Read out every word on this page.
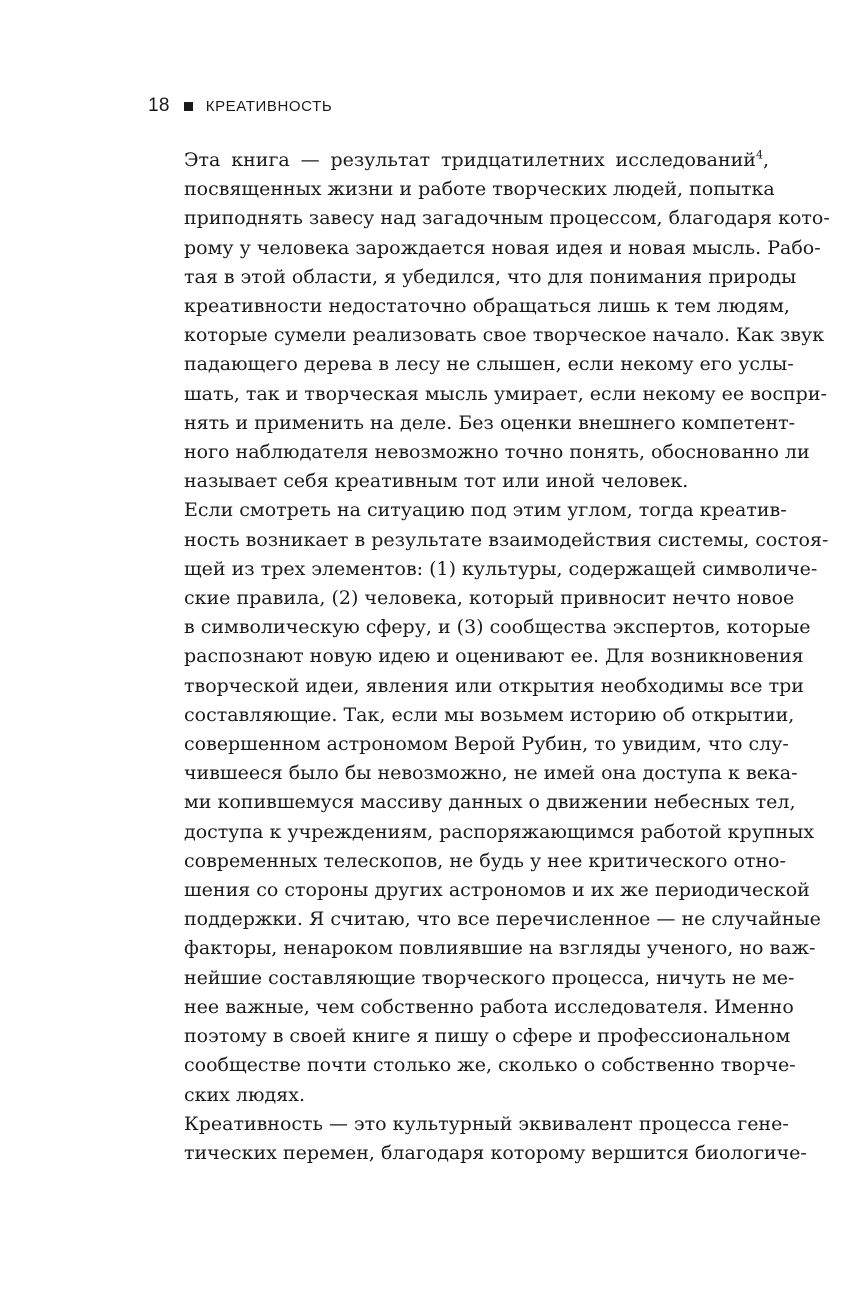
18 КРЕАТИВНОСТЬ

Эта книга — результат тридцатилетних исследований$^4$,
посвященных жизни и работе творческих людей, попытка
приподнять завесу над загадочным процессом, благодаря кото-
рому у человека зарождается новая идея и новая мысль. Рабо-
тая в этой области, я убедился, что для понимания природы
креативности недостаточно обращаться лишь к тем людям,
которые сумели реализовать свое творческое начало. Как звук
падающего дерева в лесу не слышен, если некому его услы-
шать, так и творческая мысль умирает, если некому ее воспри-
нять и применить на деле. Без оценки внешнего компетент-
ного наблюдателя невозможно точно понять, обоснованно ли
называет себя креативным тот или иной человек.

Если смотреть на ситуацию под этим углом, тогда креатив-
ность возникает в результате взаимодействия системы, состоя-
щей из трех элементов: (1) культуры, содержащей символиче-
ские правила, (2) человека, который привносит нечто новое
в символическую сферу, и (3) сообщества экспертов, которые
распознают новую идею и оценивают ее. Для возникновения
творческой идеи, явления или открытия необходимы все три
составляющие. Так, если мы возьмем историю об открытии,
совершенном астрономом Верой Рубин, то увидим, что слу-
чившееся было бы невозможно, не имей она доступа к века-
ми копившемуся массиву данных о движении небесных тел,
доступа к учреждениям, распоряжающимся работой крупных
современных телескопов, не будь у нее критического отно-
шения со стороны других астрономов и их же периодической
поддержки. Я считаю, что все перечисленное — не случайные
факторы, ненароком повлиявшие на взгляды ученого, но важ-
нейшие составляющие творческого процесса, ничуть не ме-
нее важные, чем собственно работа исследователя. Именно
поэтому в своей книге я пишу о сфере и профессиональном
сообществе почти столько же, сколько о собственно творче-
ских людях.

Креативность — это культурный эквивалент процесса гене-
тических перемен, благодаря которому вершится биологиче-
